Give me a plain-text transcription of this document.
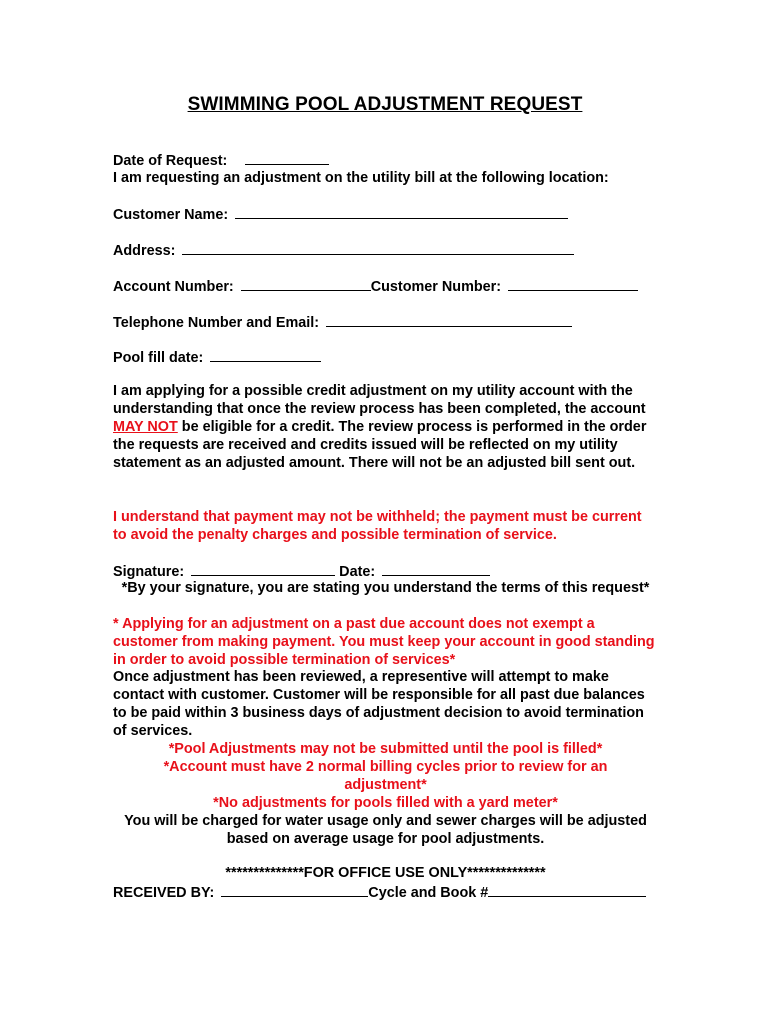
SWIMMING POOL ADJUSTMENT REQUEST
Date of Request:
I am requesting an adjustment on the utility bill at the following location:
Customer Name:
Address:
Account Number:	Customer Number:
Telephone Number and Email:
Pool fill date:
I am applying for a possible credit adjustment on my utility account with the understanding that once the review process has been completed, the account MAY NOT be eligible for a credit. The review process is performed in the order the requests are received and credits issued will be reflected on my utility statement as an adjusted amount. There will not be an adjusted bill sent out.
I understand that payment may not be withheld; the payment must be current to avoid the penalty charges and possible termination of service.
Signature:	Date:
*By your signature, you are stating you understand the terms of this request*
* Applying for an adjustment on a past due account does not exempt a customer from making payment. You must keep your account in good standing in order to avoid possible termination of services*
Once adjustment has been reviewed, a representive will attempt to make contact with customer. Customer will be responsible for all past due balances to be paid within 3 business days of adjustment decision to avoid termination of services.
*Pool Adjustments may not be submitted until the pool is filled*
*Account must have 2 normal billing cycles prior to review for an adjustment*
*No adjustments for pools filled with a yard meter*
You will be charged for water usage only and sewer charges will be adjusted based on average usage for pool adjustments.
**************FOR OFFICE USE ONLY**************
RECEIVED BY:	Cycle and Book #
